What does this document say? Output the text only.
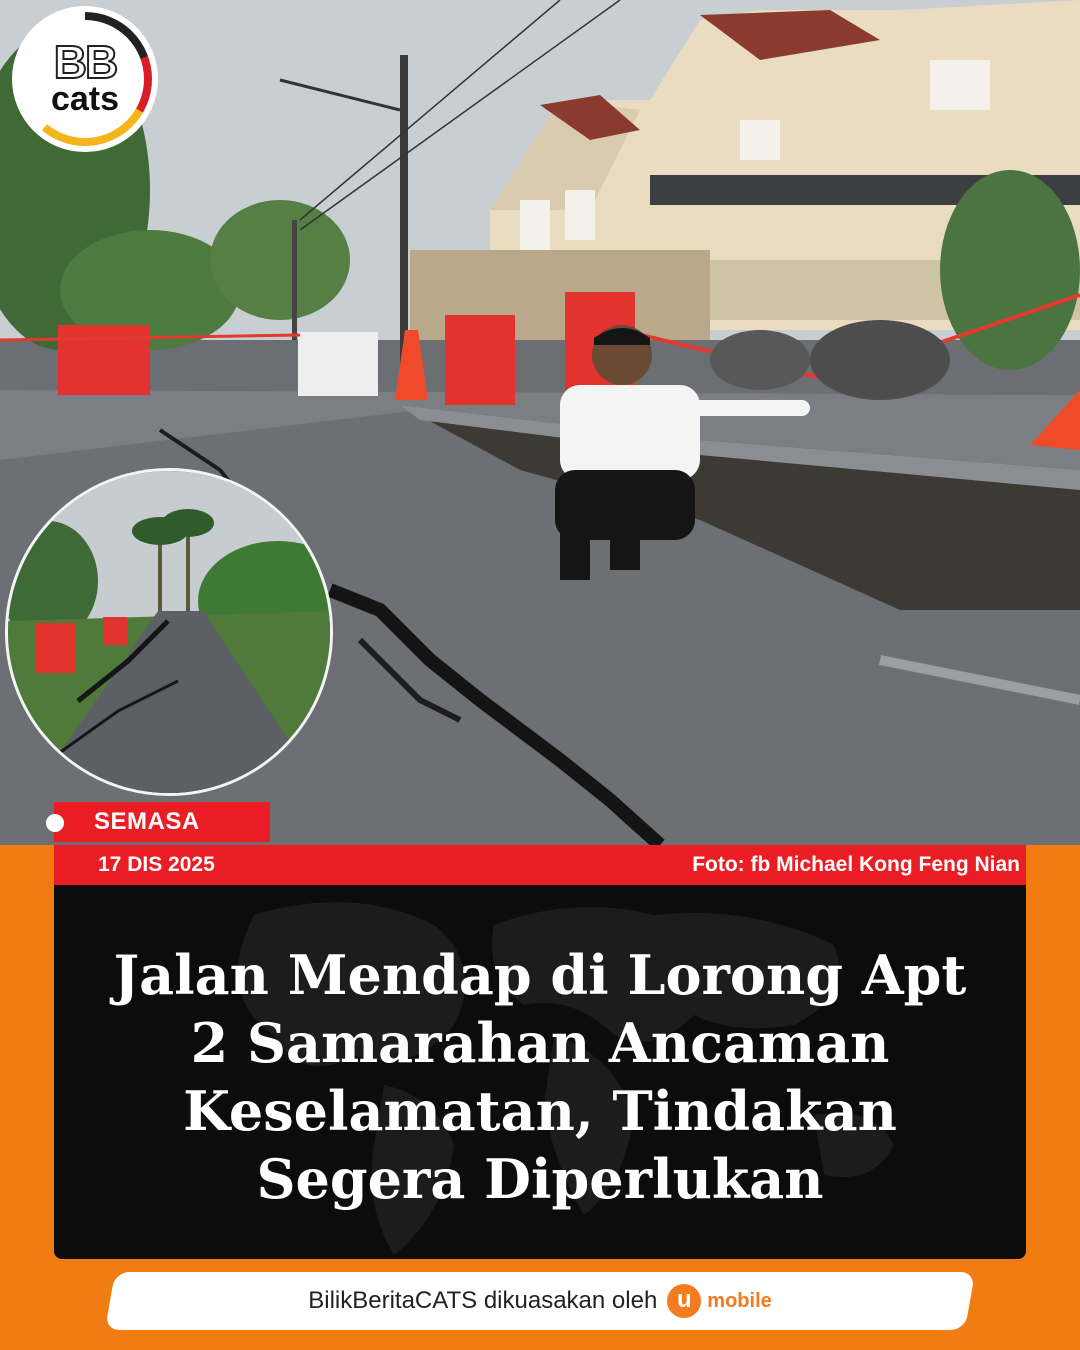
BB
cats
SEMASA
17 DIS 2025	Foto: fb Michael Kong Feng Nian
Jalan Mendap di Lorong Apt 2 Samarahan Ancaman Keselamatan, Tindakan Segera Diperlukan
BilikBeritaCATS dikuasakan oleh u mobile
